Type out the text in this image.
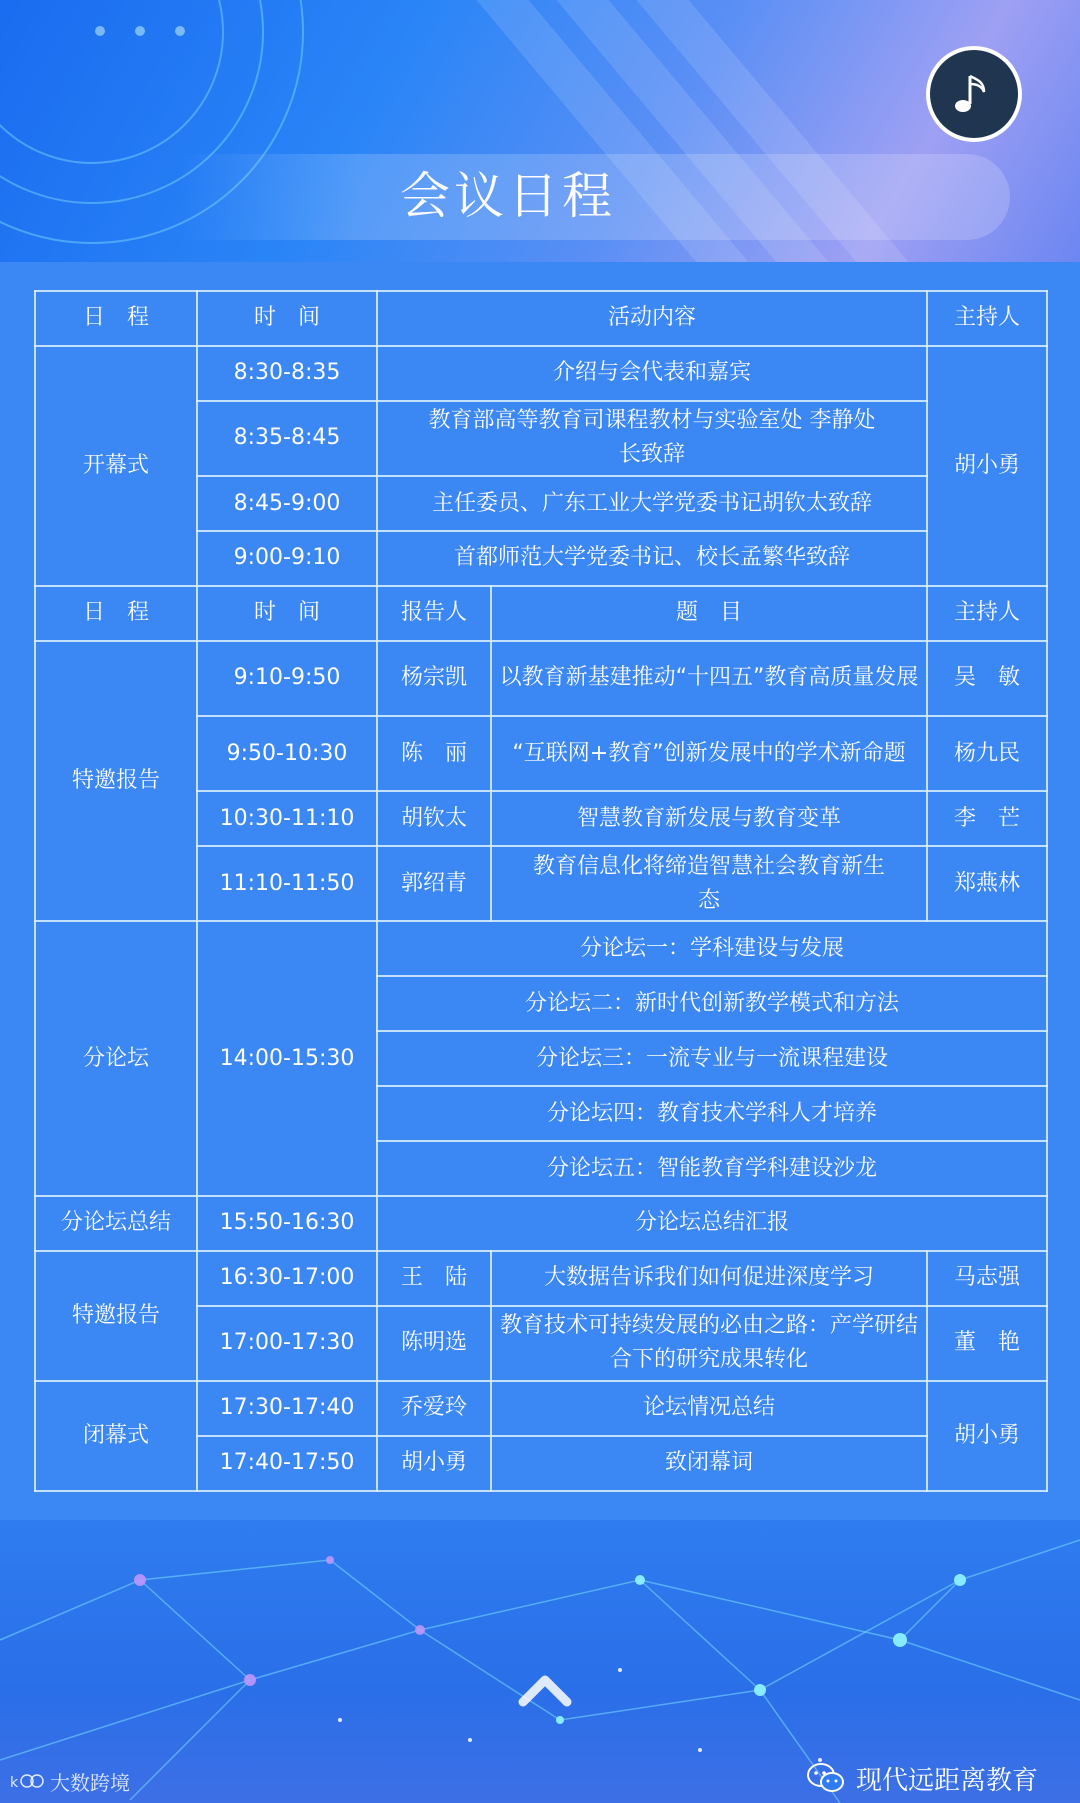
会议日程
日　程	时　间	活动内容		主持人
开幕式	8:30-8:35	介绍与会代表和嘉宾		胡小勇
	8:35-8:45	教育部高等教育司课程教材与实验室处 李静处长致辞		
	8:45-9:00	主任委员、广东工业大学党委书记胡钦太致辞		
	9:00-9:10	首都师范大学党委书记、校长孟繁华致辞		
日　程	时　间	报告人	题　目	主持人
特邀报告	9:10-9:50	杨宗凯	以教育新基建推动“十四五”教育高质量发展	吴　敏
	9:50-10:30	陈　丽	“互联网+教育”创新发展中的学术新命题	杨九民
	10:30-11:10	胡钦太	智慧教育新发展与教育变革	李　芒
	11:10-11:50	郭绍青	教育信息化将缔造智慧社会教育新生态	郑燕林
分论坛	14:00-15:30	分论坛一：学科建设与发展		
		分论坛二：新时代创新教学模式和方法		
		分论坛三：一流专业与一流课程建设		
		分论坛四：教育技术学科人才培养		
		分论坛五：智能教育学科建设沙龙		
分论坛总结	15:50-16:30	分论坛总结汇报		
特邀报告	16:30-17:00	王　陆	大数据告诉我们如何促进深度学习	马志强
	17:00-17:30	陈明选	教育技术可持续发展的必由之路：产学研结合下的研究成果转化	董　艳
闭幕式	17:30-17:40	乔爱玲	论坛情况总结	胡小勇
	17:40-17:50	胡小勇	致闭幕词	
k 大数跨境	现代远距离教育
